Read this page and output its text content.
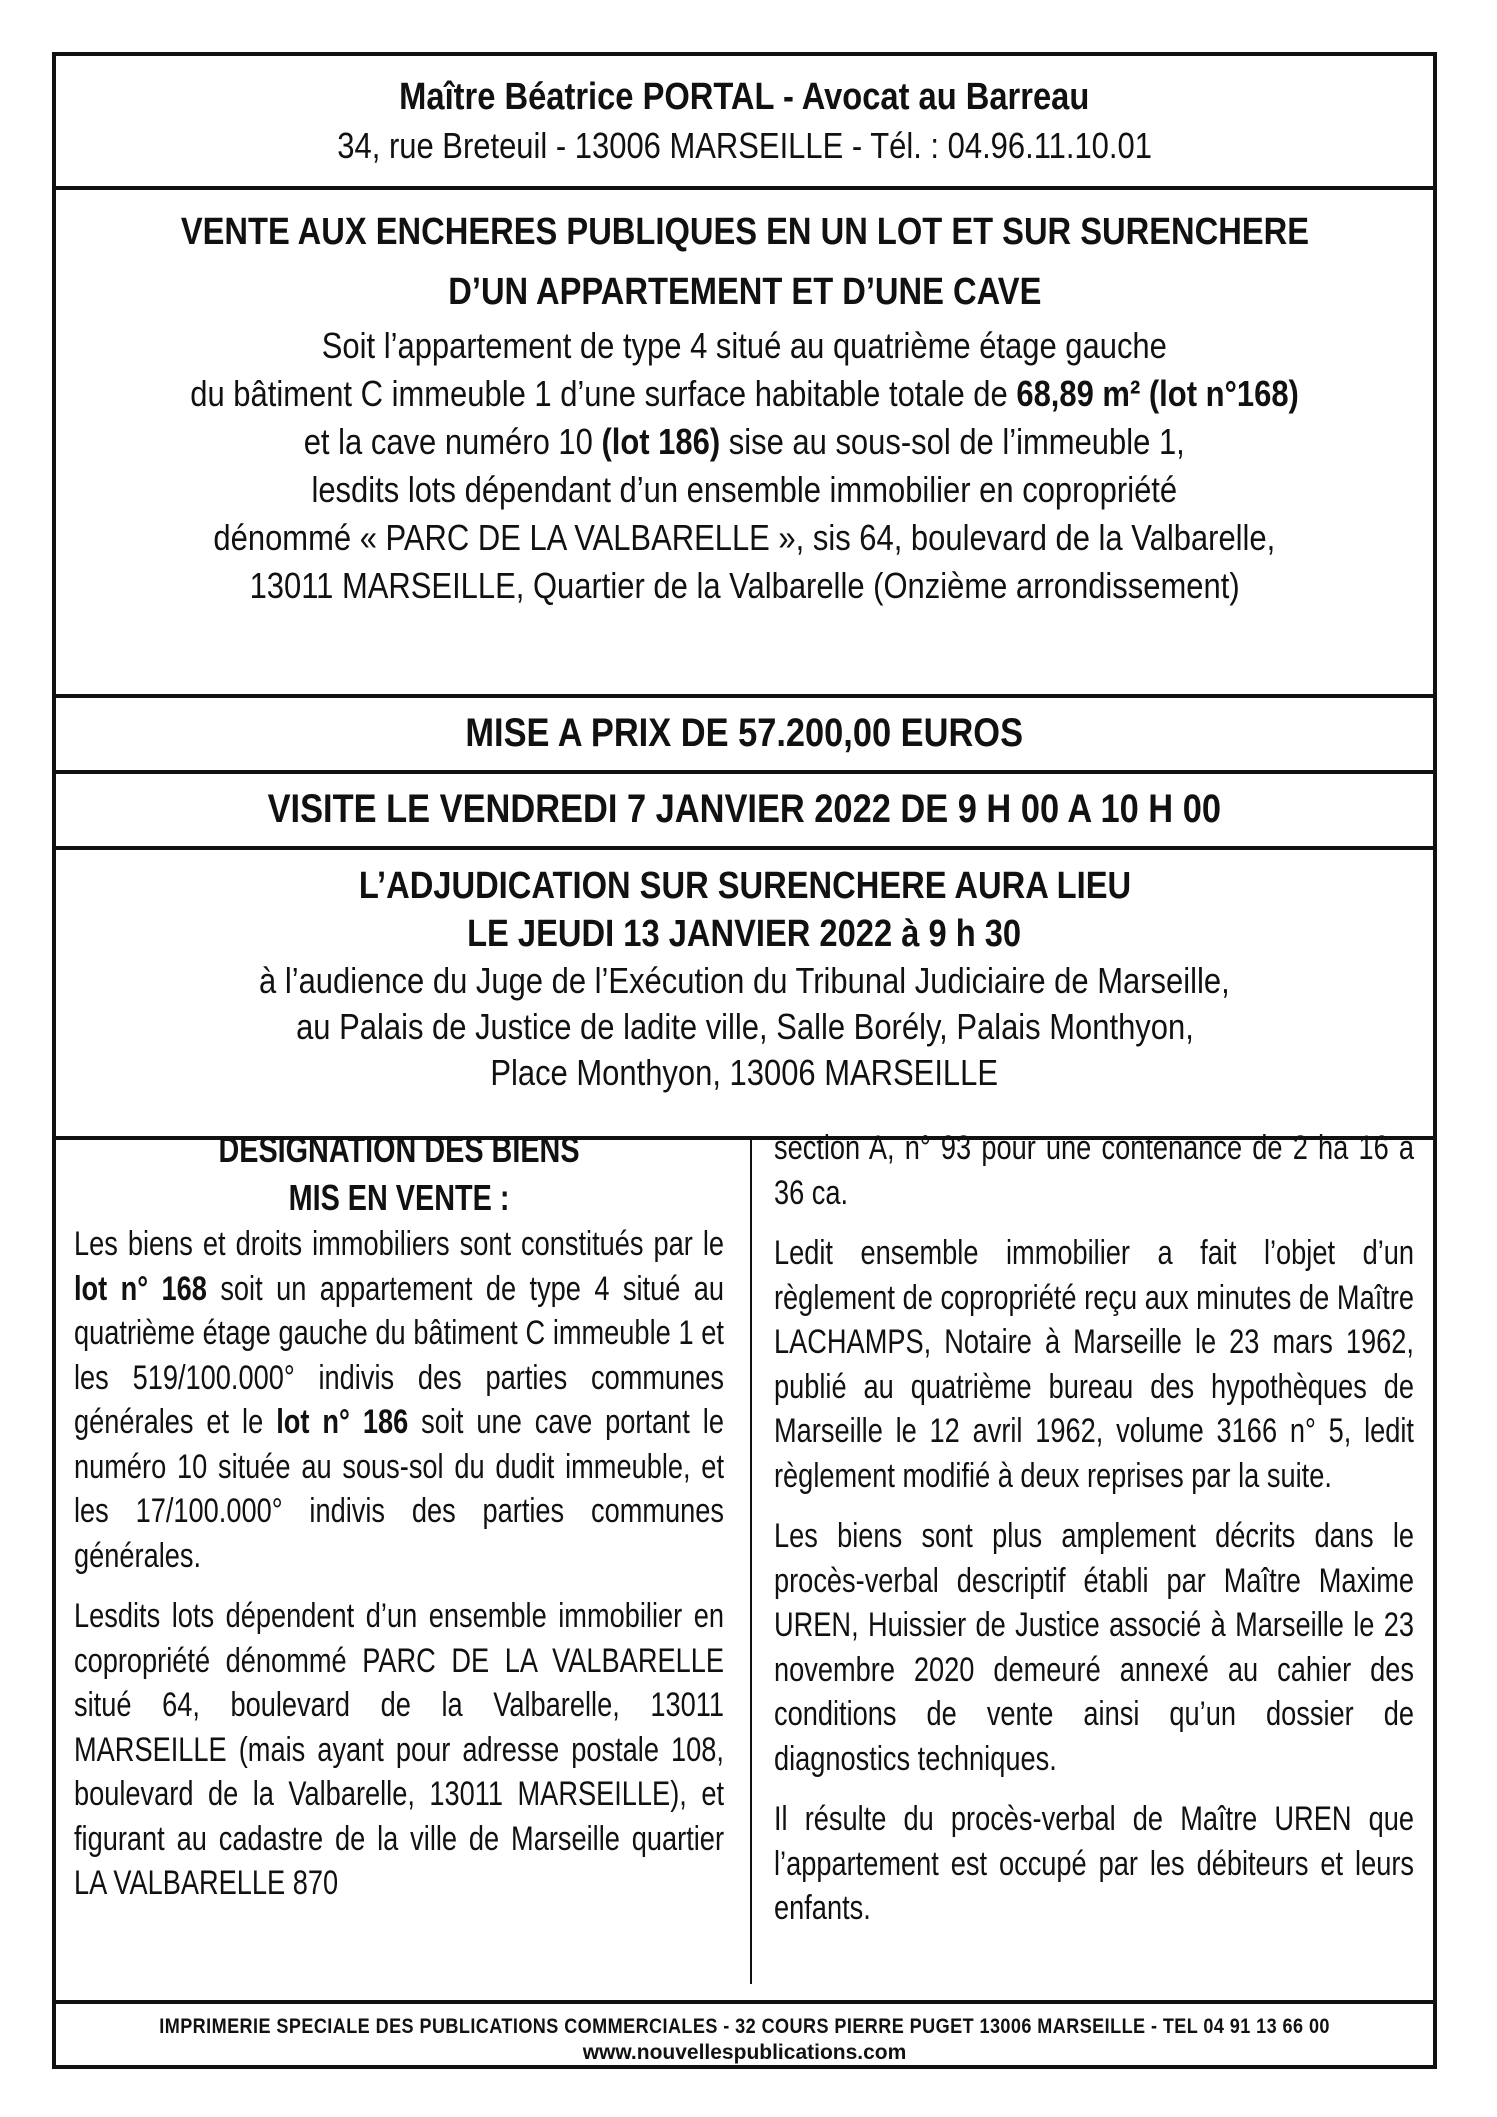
Maître Béatrice PORTAL - Avocat au Barreau
34, rue Breteuil - 13006 MARSEILLE - Tél. : 04.96.11.10.01
VENTE AUX ENCHERES PUBLIQUES EN UN LOT ET SUR SURENCHERE
D’UN APPARTEMENT ET D’UNE CAVE
Soit l’appartement de type 4 situé au quatrième étage gauche
du bâtiment C immeuble 1 d’une surface habitable totale de 68,89 m² (lot n°168)
et la cave numéro 10 (lot 186) sise au sous-sol de l’immeuble 1,
lesdits lots dépendant d’un ensemble immobilier en copropriété
dénommé « PARC DE LA VALBARELLE », sis 64, boulevard de la Valbarelle,
13011 MARSEILLE, Quartier de la Valbarelle (Onzième arrondissement)
MISE A PRIX DE 57.200,00 EUROS
VISITE LE VENDREDI 7 JANVIER 2022 DE 9 H 00 A 10 H 00
L’ADJUDICATION SUR SURENCHERE AURA LIEU
LE JEUDI 13 JANVIER 2022 à 9 h 30
à l’audience du Juge de l’Exécution du Tribunal Judiciaire de Marseille,
au Palais de Justice de ladite ville, Salle Borély, Palais Monthyon,
Place Monthyon, 13006 MARSEILLE

DESIGNATION DES BIENS

MIS EN VENTE :

Les biens et droits immobiliers sont constitués par le lot n° 168 soit un appartement de type 4 situé au quatrième étage gauche du bâtiment C immeuble 1 et les 519/100.000° indivis des parties communes générales et le lot n° 186 soit une cave portant le numéro 10 située au sous-sol du dudit immeuble, et les 17/100.000° indivis des parties communes générales.

Lesdits lots dépendent d’un ensemble immobilier en copropriété dénommé PARC DE LA VALBARELLE situé 64, boulevard de la Valbarelle, 13011 MARSEILLE (mais ayant pour adresse postale 108, boulevard de la Valbarelle, 13011 MARSEILLE), et figurant au cadastre de la ville de Marseille quartier LA VALBARELLE 870

section A, n° 93 pour une contenance de 2 ha 16 a 36 ca.

Ledit ensemble immobilier a fait l’objet d’un règlement de copropriété reçu aux minutes de Maître LACHAMPS, Notaire à Marseille le 23 mars 1962, publié au quatrième bureau des hypothèques de Marseille le 12 avril 1962, volume 3166 n° 5, ledit règlement modifié à deux reprises par la suite.

Les biens sont plus amplement décrits dans le procès-verbal descriptif établi par Maître Maxime UREN, Huissier de Justice associé à Marseille le 23 novembre 2020 demeuré annexé au cahier des conditions de vente ainsi qu’un dossier de diagnostics techniques.

Il résulte du procès-verbal de Maître UREN que l’appartement est occupé par les débiteurs et leurs enfants.

IMPRIMERIE SPECIALE DES PUBLICATIONS COMMERCIALES - 32 COURS PIERRE PUGET 13006 MARSEILLE - TEL 04 91 13 66 00
www.nouvellespublications.com
